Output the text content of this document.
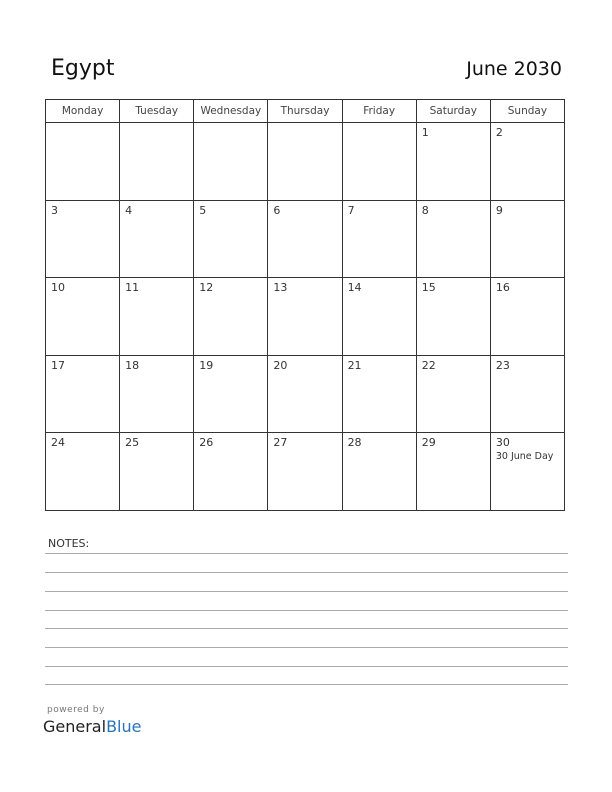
Egypt	June 2030
Monday	Tuesday	Wednesday	Thursday	Friday	Saturday	Sunday

					1	2

3	4	5	6	7	8	9

10	11	12	13	14	15	16

17	18	19	20	21	22	23

24	25	26	27	28	29	30
30 June Day
NOTES:
powered by
GeneralBlue
